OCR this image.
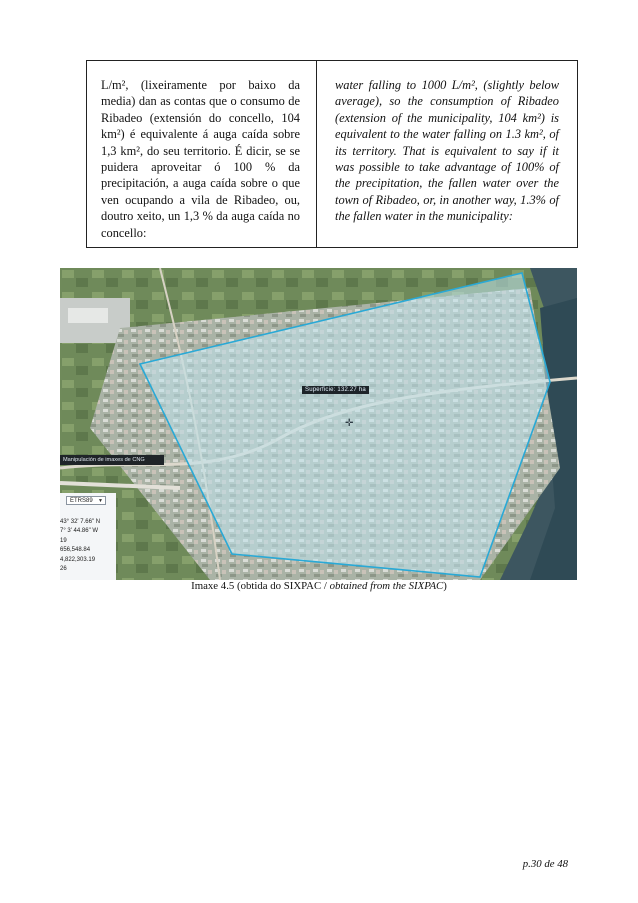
L/m², (lixeiramente por baixo da media) dan as contas que o consumo de Ribadeo (extensión do concello, 104 km²) é equivalente á auga caída sobre 1,3 km², do seu territorio. É dicir, se se puidera aproveitar ó 100 % da precipitación, a auga caída sobre o que ven ocupando a vila de Ribadeo, ou, doutro xeito, un 1,3 % da auga caída no concello:

water falling to 1000 L/m², (slightly below average), so the consumption of Ribadeo (extension of the municipality, 104 km²) is equivalent to the water falling on 1.3 km², of its territory. That is equivalent to say if it was possible to take advantage of 100% of the precipitation, the fallen water over the town of Ribadeo, or, in another way, 1.3% of the fallen water in the municipality:

Superficie: 132.27 ha
✛
Manipulación de imaxes de CNG
ETRS89 ▼
43° 32' 7.66" N
7° 3' 44.86" W
19
656,548.84
4,822,303.19
26
Imaxe 4.5 (obtida do SIXPAC / obtained from the SIXPAC)
p.30 de 48
